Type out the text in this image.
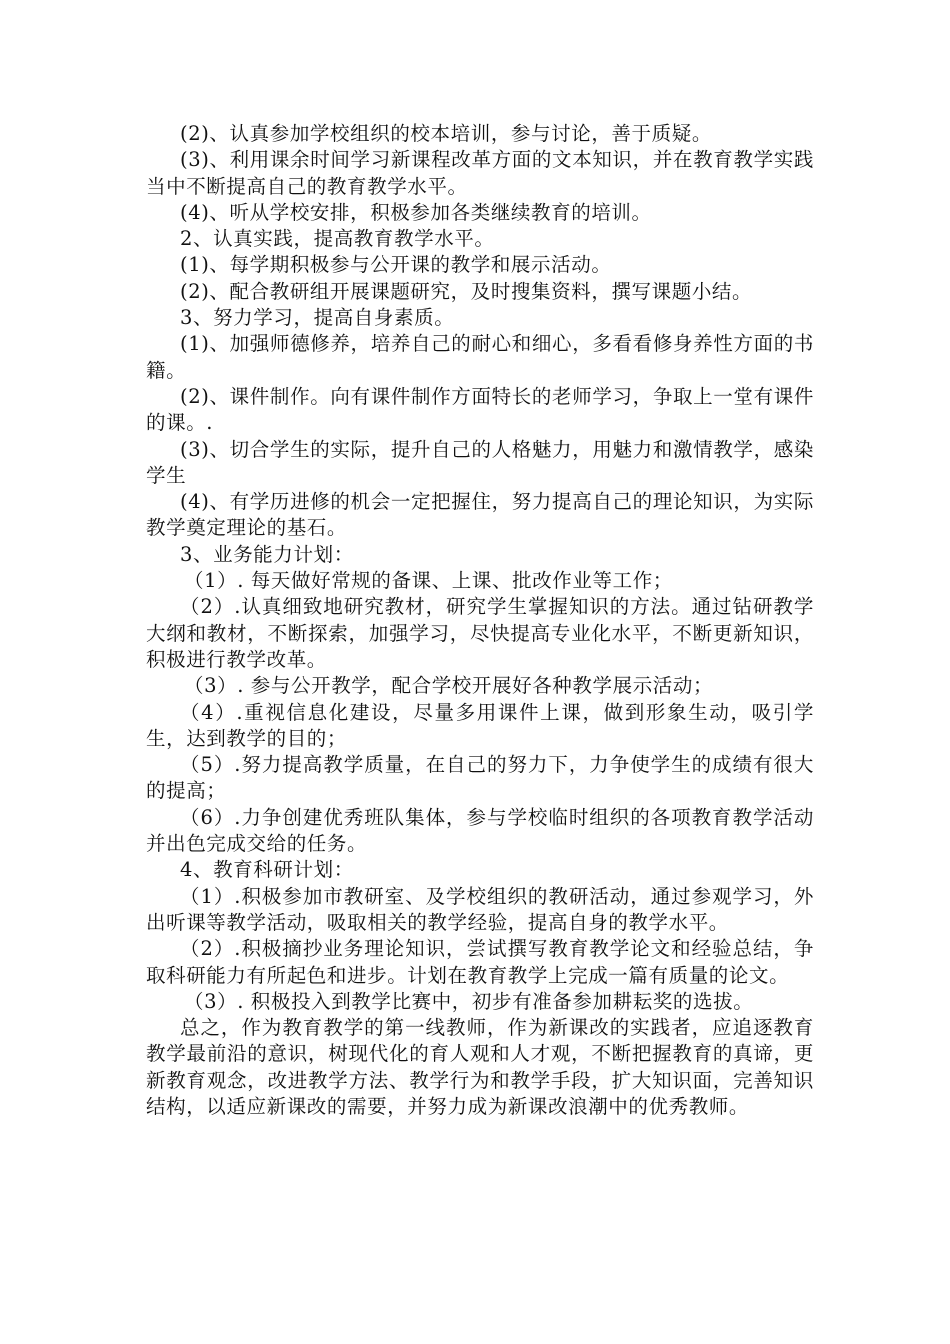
(2)、认真参加学校组织的校本培训，参与讨论，善于质疑。

(3)、利用课余时间学习新课程改革方面的文本知识，并在教育教学实践当中不断提高自己的教育教学水平。

(4)、听从学校安排，积极参加各类继续教育的培训。

2、认真实践，提高教育教学水平。

(1)、每学期积极参与公开课的教学和展示活动。

(2)、配合教研组开展课题研究，及时搜集资料，撰写课题小结。

3、努力学习，提高自身素质。

(1)、加强师德修养，培养自己的耐心和细心，多看看修身养性方面的书籍。

(2)、课件制作。向有课件制作方面特长的老师学习，争取上一堂有课件的课。.

(3)、切合学生的实际，提升自己的人格魅力，用魅力和激情教学，感染学生

(4)、有学历进修的机会一定把握住，努力提高自己的理论知识，为实际教学奠定理论的基石。

3、业务能力计划：

（1）. 每天做好常规的备课、上课、批改作业等工作；

（2）.认真细致地研究教材，研究学生掌握知识的方法。通过钻研教学大纲和教材，不断探索，加强学习，尽快提高专业化水平，不断更新知识，积极进行教学改革。

（3）. 参与公开教学，配合学校开展好各种教学展示活动；

（4）.重视信息化建设，尽量多用课件上课，做到形象生动，吸引学生，达到教学的目的；

（5）.努力提高教学质量，在自己的努力下，力争使学生的成绩有很大的提高；

（6）.力争创建优秀班队集体，参与学校临时组织的各项教育教学活动并出色完成交给的任务。

4、教育科研计划：

（1）.积极参加市教研室、及学校组织的教研活动，通过参观学习，外出听课等教学活动，吸取相关的教学经验，提高自身的教学水平。

（2）.积极摘抄业务理论知识，尝试撰写教育教学论文和经验总结，争取科研能力有所起色和进步。计划在教育教学上完成一篇有质量的论文。

（3）. 积极投入到教学比赛中，初步有准备参加耕耘奖的选拔。

总之，作为教育教学的第一线教师，作为新课改的实践者，应追逐教育教学最前沿的意识，树现代化的育人观和人才观，不断把握教育的真谛，更新教育观念，改进教学方法、教学行为和教学手段，扩大知识面，完善知识结构，以适应新课改的需要，并努力成为新课改浪潮中的优秀教师。
